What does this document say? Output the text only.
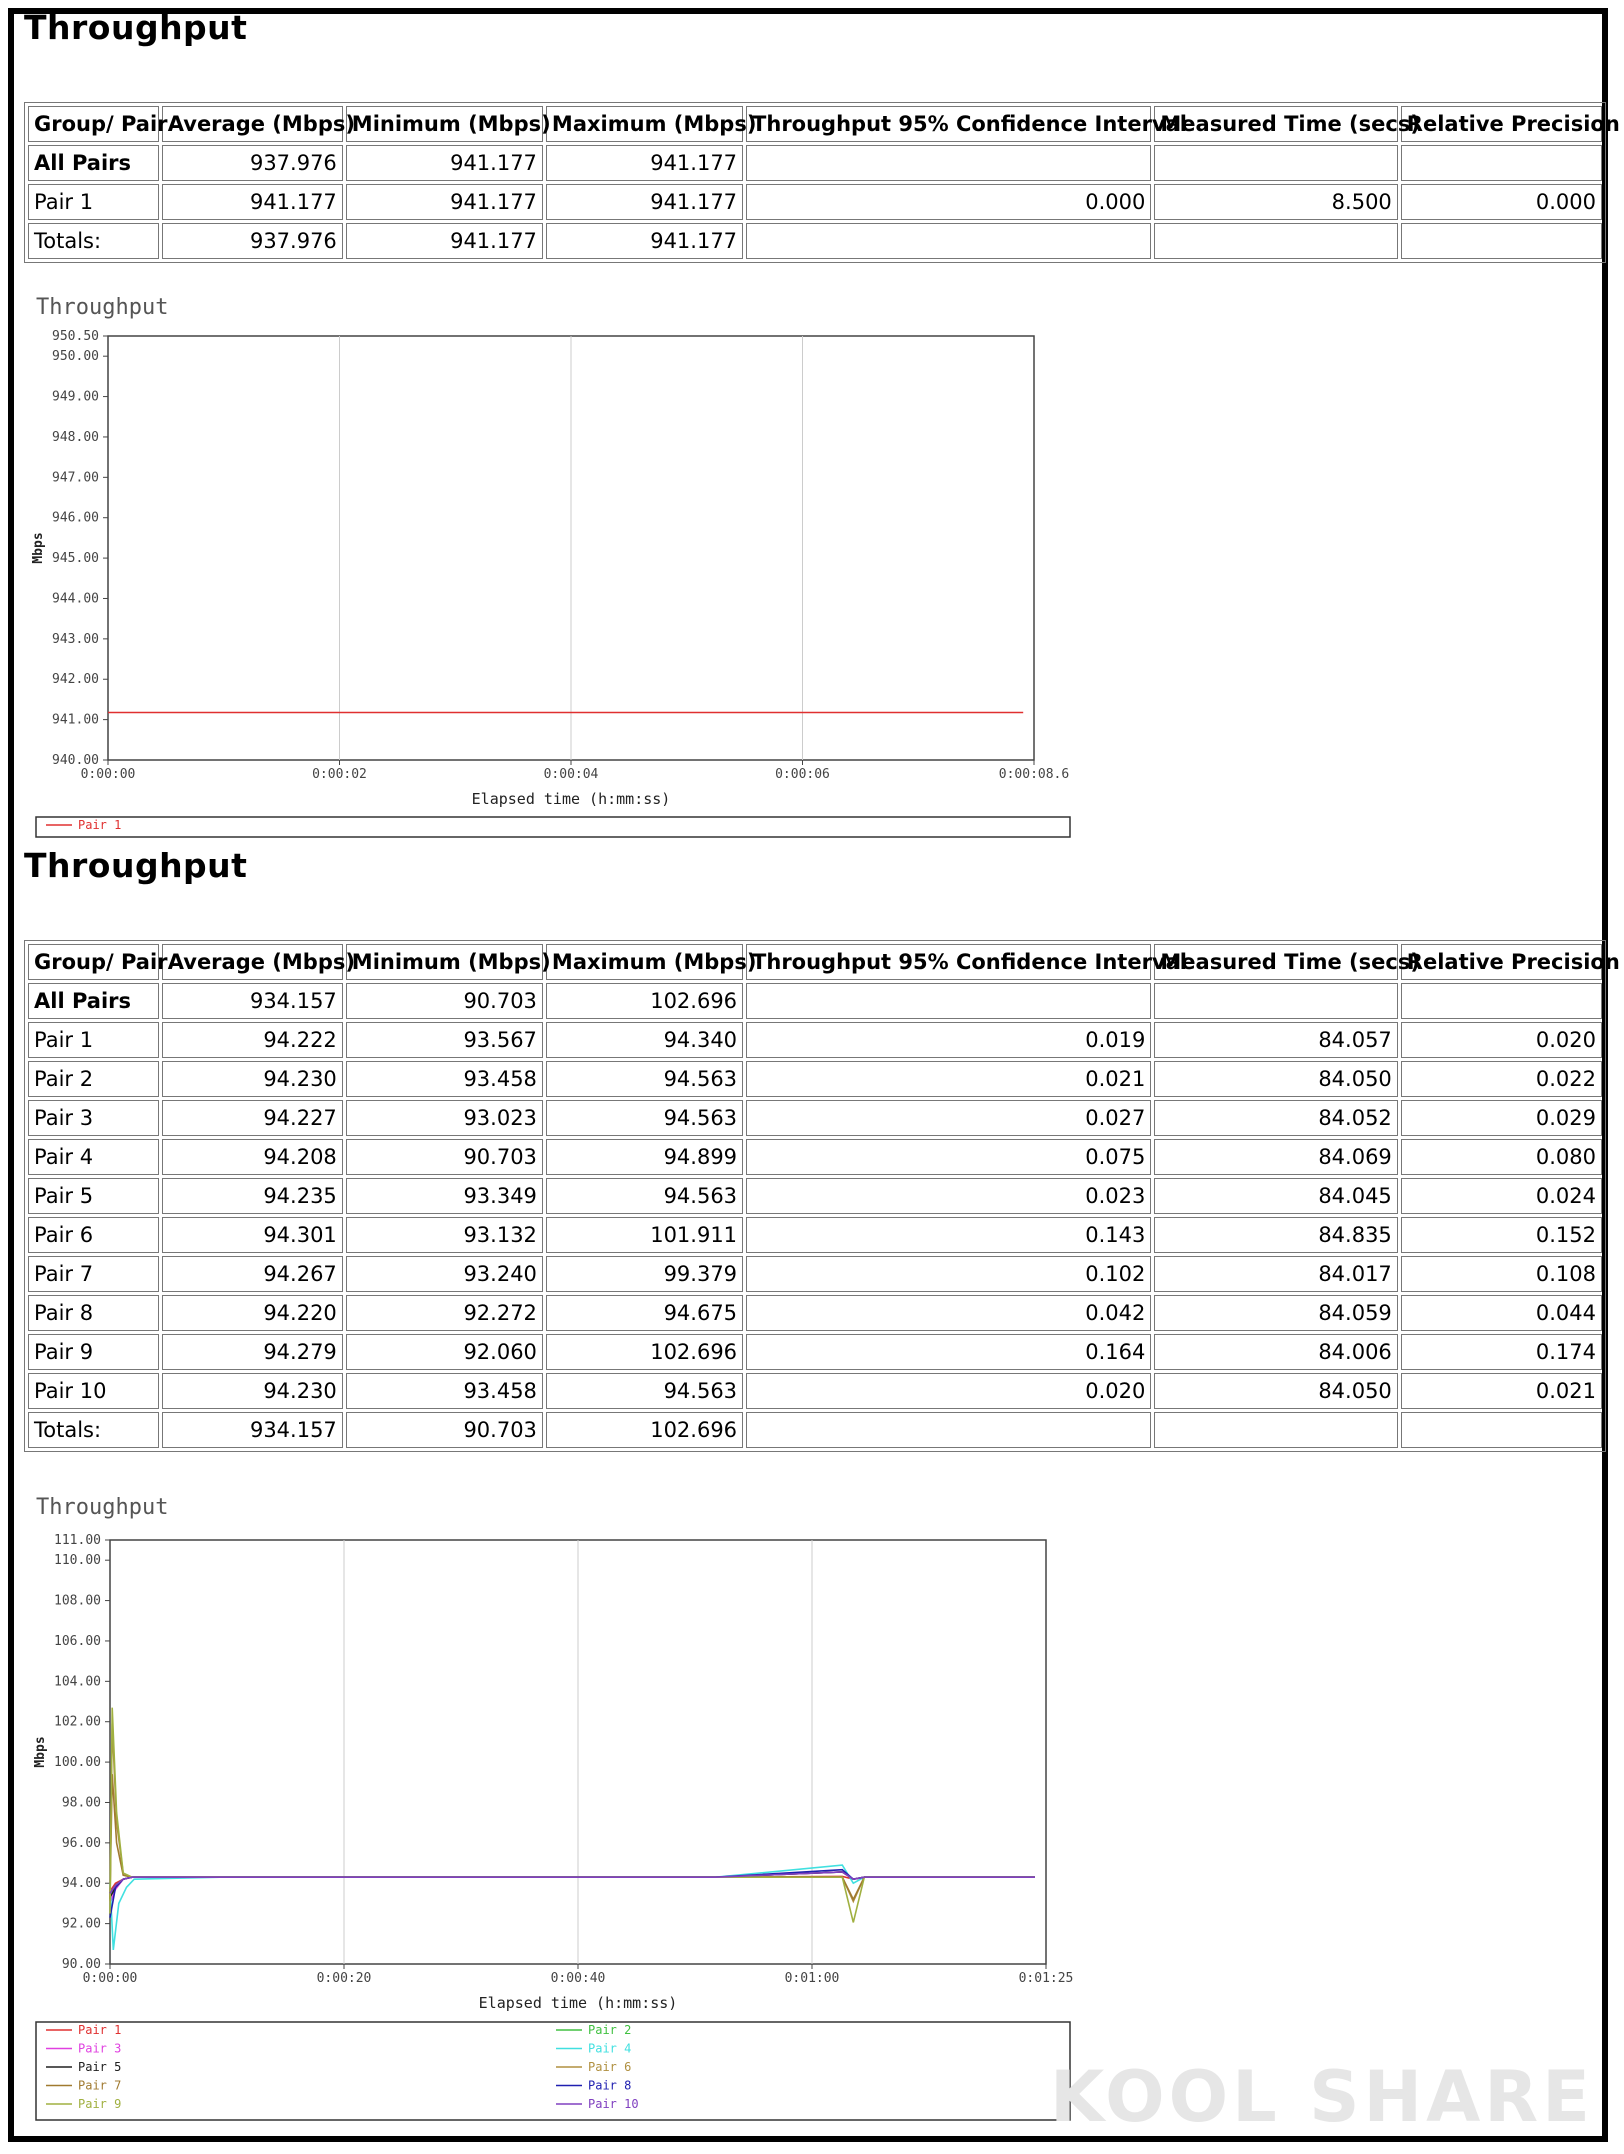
Throughput
Group/ Pair	Average (Mbps)	Minimum (Mbps)	Maximum (Mbps)	Throughput 95% Confidence Interval	Measured Time (secs)	Relative Precision
All Pairs	937.976	941.177	941.177			
Pair 1	941.177	941.177	941.177	0.000	8.500	0.000
Totals:	937.976	941.177	941.177			
Throughput
0:00:00	0:00:02	0:00:04	0:00:06	0:00:08.6
950.50
950.00
949.00
948.00
947.00
946.00
945.00
944.00
943.00
942.00
941.00
940.00
Mbps
Elapsed time (h:mm:ss)
Pair 1
Throughput
Group/ Pair	Average (Mbps)	Minimum (Mbps)	Maximum (Mbps)	Throughput 95% Confidence Interval	Measured Time (secs)	Relative Precision
All Pairs	934.157	90.703	102.696			
Pair 1	94.222	93.567	94.340	0.019	84.057	0.020
Pair 2	94.230	93.458	94.563	0.021	84.050	0.022
Pair 3	94.227	93.023	94.563	0.027	84.052	0.029
Pair 4	94.208	90.703	94.899	0.075	84.069	0.080
Pair 5	94.235	93.349	94.563	0.023	84.045	0.024
Pair 6	94.301	93.132	101.911	0.143	84.835	0.152
Pair 7	94.267	93.240	99.379	0.102	84.017	0.108
Pair 8	94.220	92.272	94.675	0.042	84.059	0.044
Pair 9	94.279	92.060	102.696	0.164	84.006	0.174
Pair 10	94.230	93.458	94.563	0.020	84.050	0.021
Totals:	934.157	90.703	102.696			
Throughput
0:00:00	0:00:20	0:00:40	0:01:00	0:01:25
111.00
110.00
108.00
106.00
104.00
102.00
100.00
98.00
96.00
94.00
92.00
90.00
Mbps
Elapsed time (h:mm:ss)
Pair 1	Pair 2
Pair 3	Pair 4
Pair 5	Pair 6
Pair 7	Pair 8
Pair 9	Pair 10	KOOL SHARE
